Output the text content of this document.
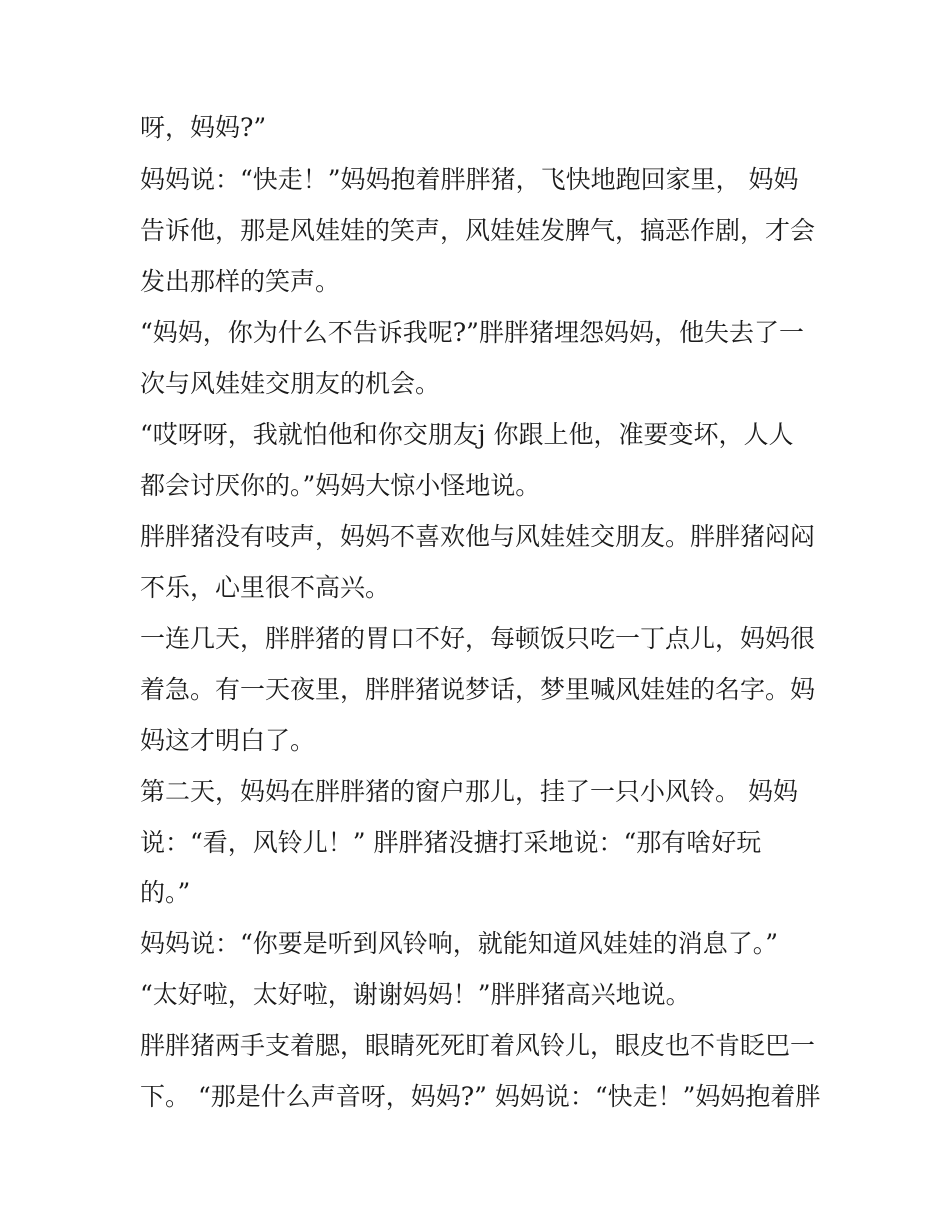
呀，妈妈?”
妈妈说：“快走！”妈妈抱着胖胖猪，飞快地跑回家里， 妈妈
告诉他，那是风娃娃的笑声，风娃娃发脾气，搞恶作剧，才会
发出那样的笑声。
“妈妈，你为什么不告诉我呢?”胖胖猪埋怨妈妈，他失去了一
次与风娃娃交朋友的机会。
“哎呀呀，我就怕他和你交朋友j 你跟上他，准要变坏，人人
都会讨厌你的。”妈妈大惊小怪地说。
胖胖猪没有吱声，妈妈不喜欢他与风娃娃交朋友。胖胖猪闷闷
不乐，心里很不高兴。
一连几天，胖胖猪的胃口不好，每顿饭只吃一丁点儿，妈妈很
着急。有一天夜里，胖胖猪说梦话，梦里喊风娃娃的名字。妈
妈这才明白了。
第二天，妈妈在胖胖猪的窗户那儿，挂了一只小风铃。 妈妈
说：“看，风铃儿！” 胖胖猪没搪打采地说：“那有啥好玩
的。”
妈妈说：“你要是听到风铃响，就能知道风娃娃的消息了。”
“太好啦，太好啦，谢谢妈妈！”胖胖猪高兴地说。
胖胖猪两手支着腮，眼睛死死盯着风铃儿，眼皮也不肯眨巴一
下。 “那是什么声音呀，妈妈?” 妈妈说：“快走！”妈妈抱着胖
